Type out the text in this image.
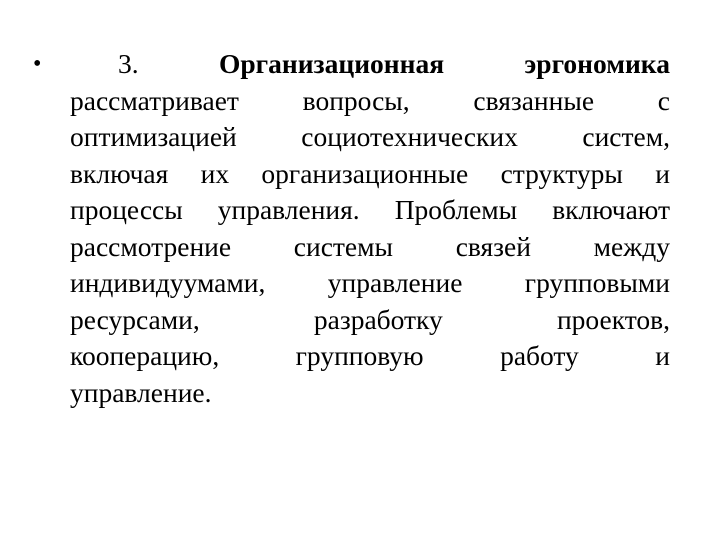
•	3.	Организационная	эргономика
рассматривает вопросы, связанные с
оптимизацией социотехнических систем,
включая их организационные структуры и
процессы управления. Проблемы включают
рассмотрение системы связей между
индивидуумами, управление групповыми
ресурсами,	разработку	проектов,
кооперацию,	групповую	работу	и
управление.
